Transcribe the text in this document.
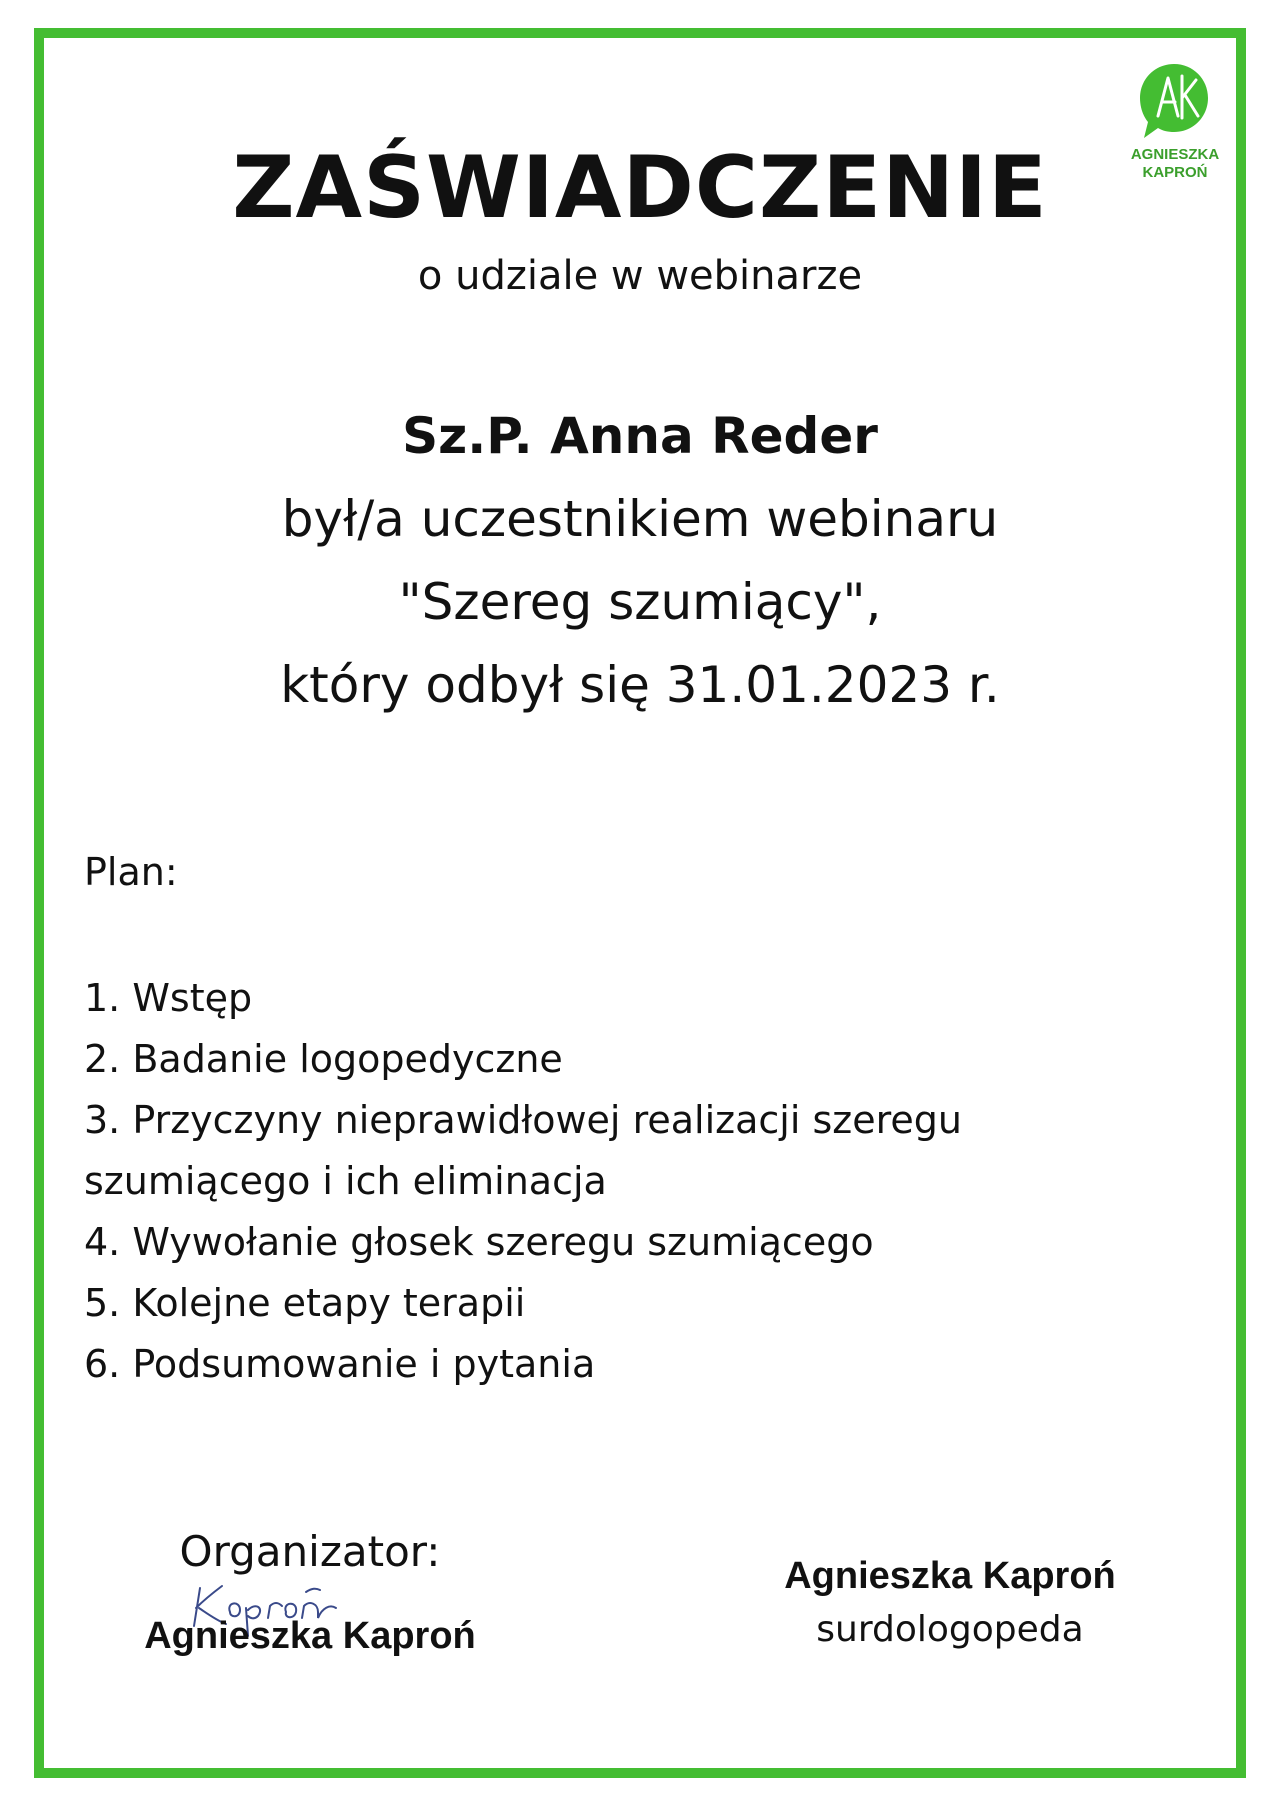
AGNIESZKA
KAPROŃ
ZAŚWIADCZENIE
o udziale w webinarze
Sz.P. Anna Reder
był/a uczestnikiem webinaru
"Szereg szumiący",
który odbył się 31.01.2023 r.
Plan:
1. Wstęp
2. Badanie logopedyczne
3. Przyczyny nieprawidłowej realizacji szeregu
szumiącego i ich eliminacja
4. Wywołanie głosek szeregu szumiącego
5. Kolejne etapy terapii
6. Podsumowanie i pytania
Organizator:
Agnieszka Kaproń
Agnieszka Kaproń
surdologopeda
